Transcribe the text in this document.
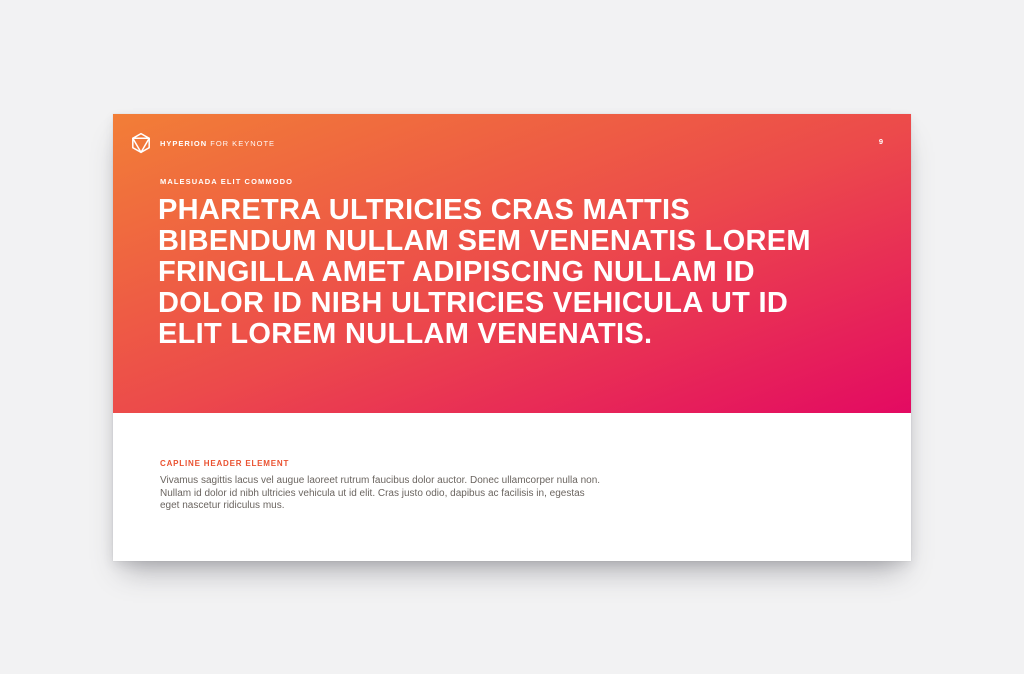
HYPERION FOR KEYNOTE	9
MALESUADA ELIT COMMODO
PHARETRA ULTRICIES CRAS MATTIS
BIBENDUM NULLAM SEM VENENATIS LOREM
FRINGILLA AMET ADIPISCING NULLAM ID
DOLOR ID NIBH ULTRICIES VEHICULA UT ID
ELIT LOREM NULLAM VENENATIS.
CAPLINE HEADER ELEMENT
Vivamus sagittis lacus vel augue laoreet rutrum faucibus dolor auctor. Donec ullamcorper nulla non.
Nullam id dolor id nibh ultricies vehicula ut id elit. Cras justo odio, dapibus ac facilisis in, egestas
eget nascetur ridiculus mus.
